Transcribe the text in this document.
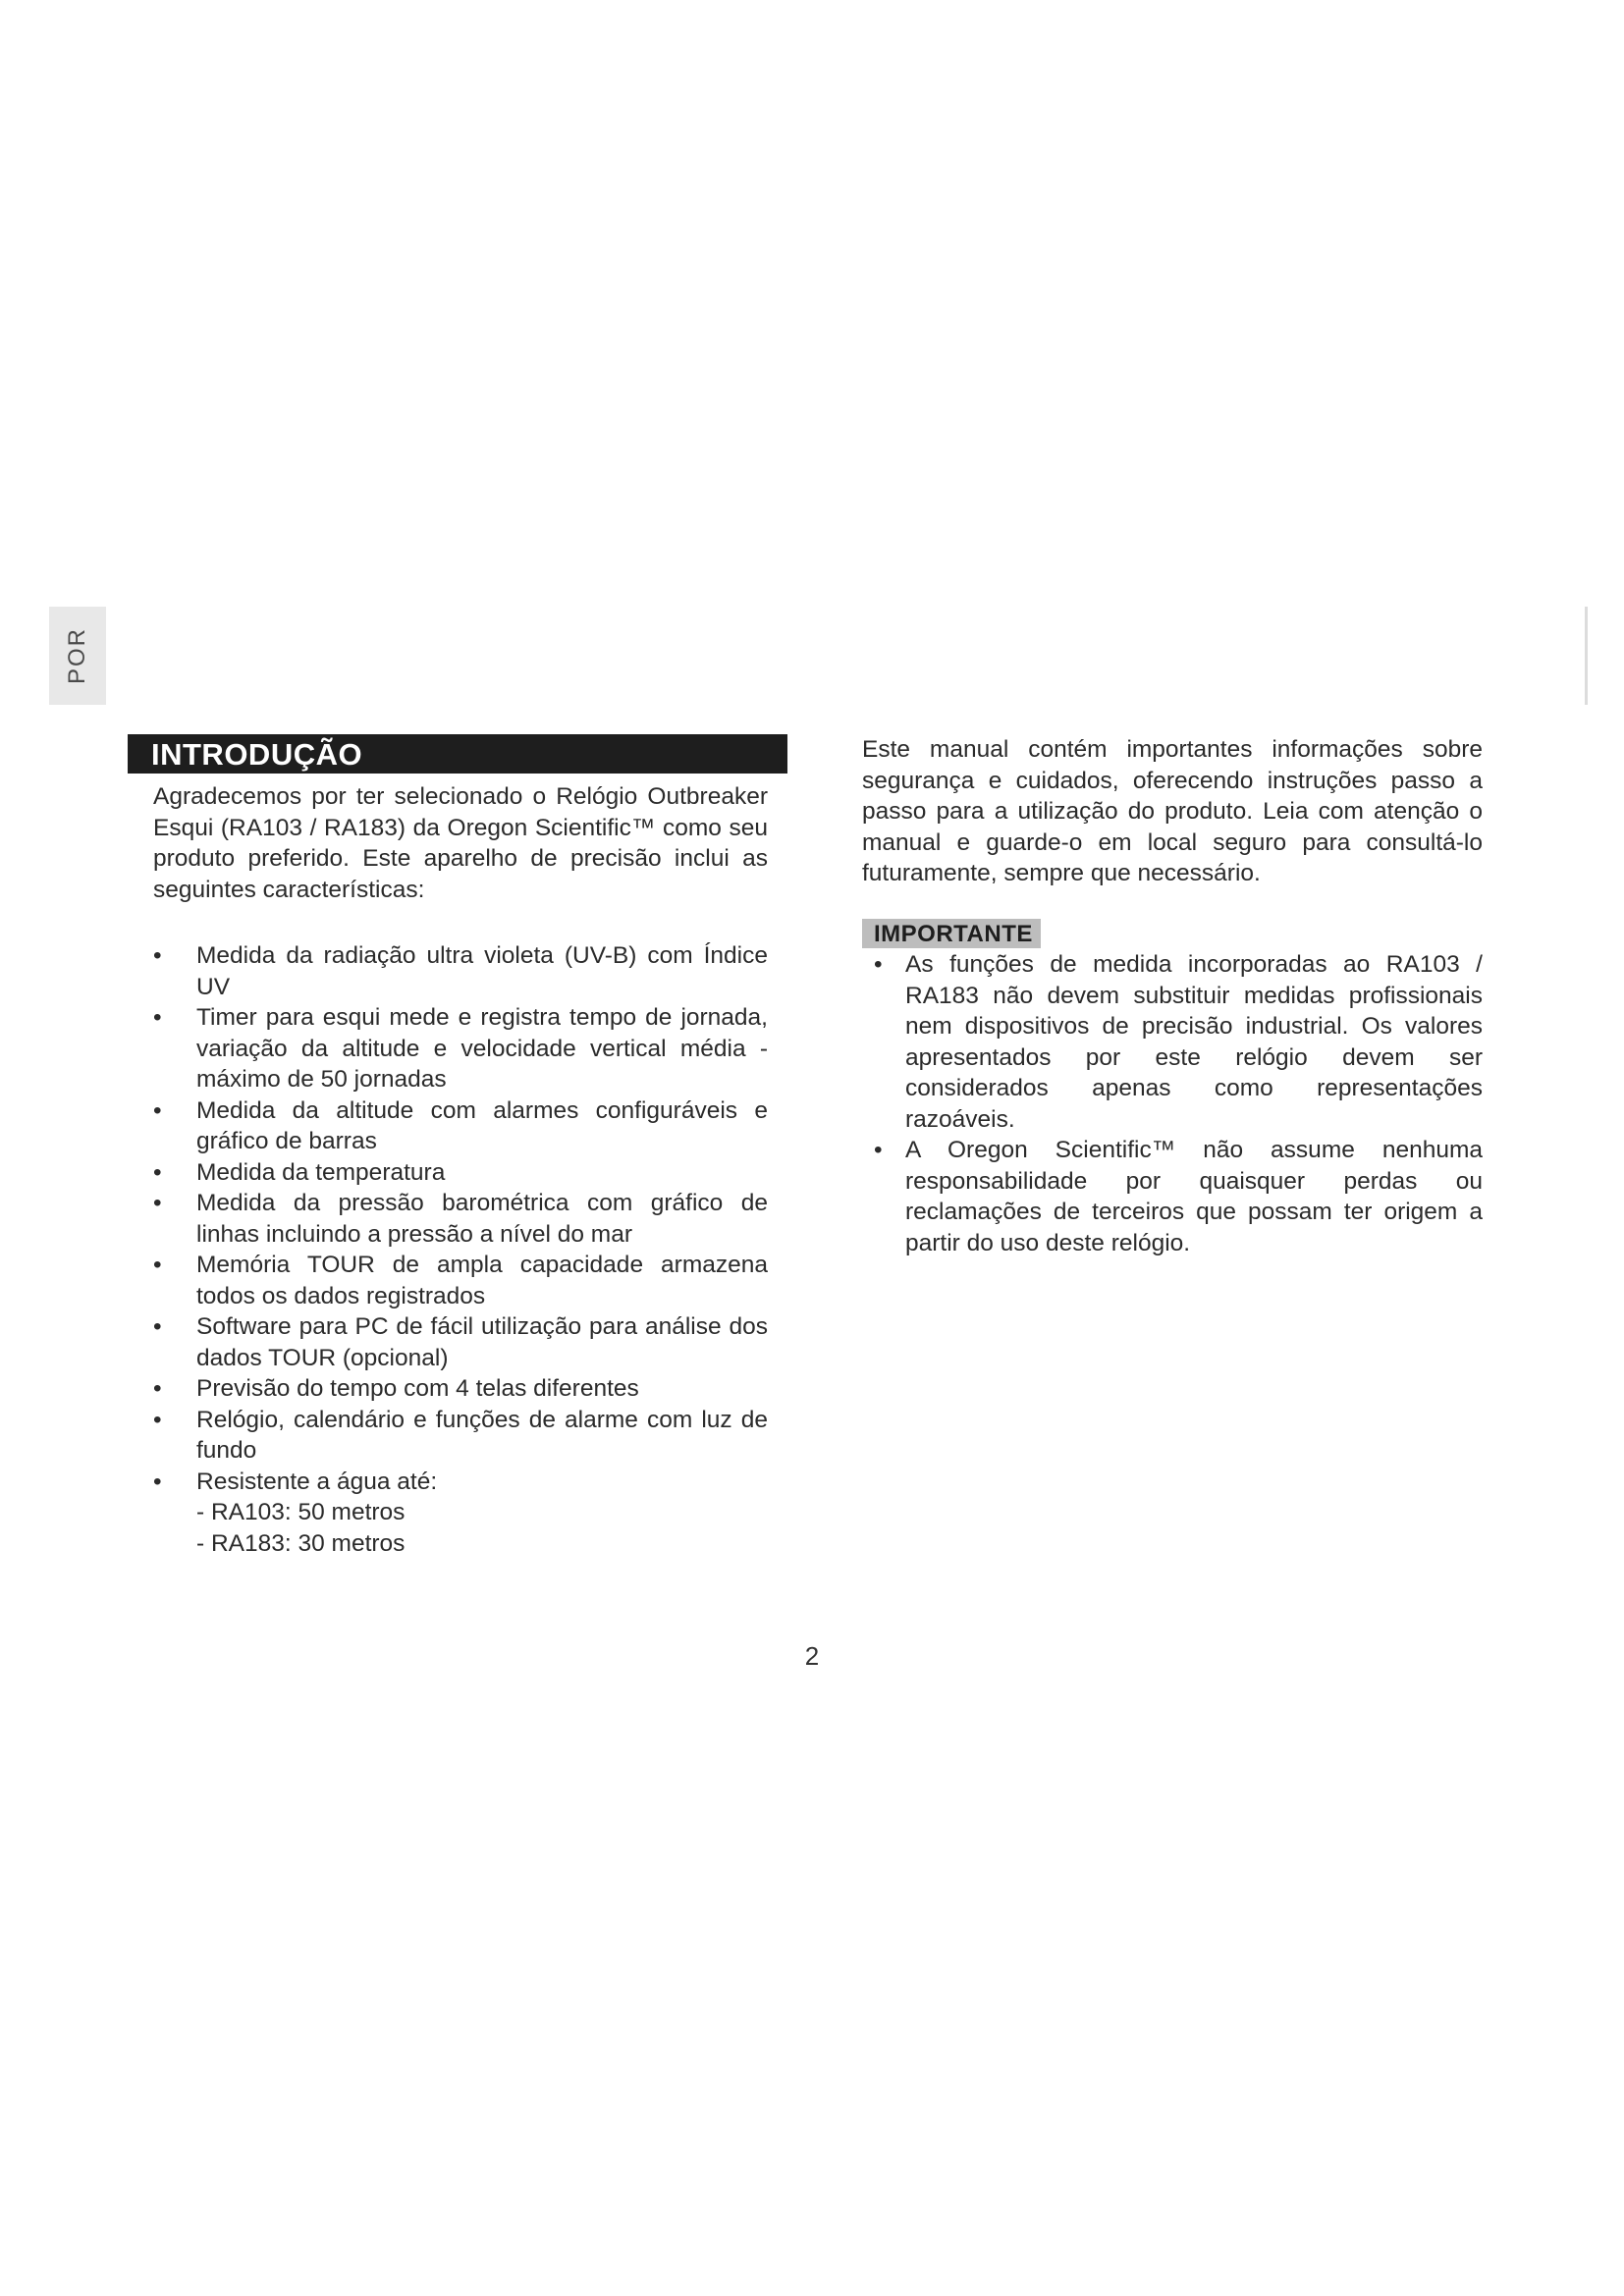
POR
INTRODUÇÃO

Agradecemos por ter selecionado o Relógio Outbreaker Esqui (RA103 / RA183) da Oregon Scientific™ como seu produto preferido. Este aparelho de precisão inclui as seguintes características:

• Medida da radiação ultra violeta (UV-B) com Índice UV
• Timer para esqui mede e registra tempo de jornada, variação da altitude e velocidade vertical média - máximo de 50 jornadas
• Medida da altitude com alarmes configuráveis e gráfico de barras
• Medida da temperatura
• Medida da pressão barométrica com gráfico de linhas incluindo a pressão a nível do mar
• Memória TOUR de ampla capacidade armazena todos os dados registrados
• Software para PC de fácil utilização para análise dos dados TOUR (opcional)
• Previsão do tempo com 4 telas diferentes
• Relógio, calendário e funções de alarme com luz de fundo
• Resistente a água até:
- RA103: 50 metros
- RA183: 30 metros

Este manual contém importantes informações sobre segurança e cuidados, oferecendo instruções passo a passo para a utilização do produto. Leia com atenção o manual e guarde-o em local seguro para consultá-lo futuramente, sempre que necessário.

IMPORTANTE
• As funções de medida incorporadas ao RA103 / RA183 não devem substituir medidas profissionais nem dispositivos de precisão industrial. Os valores apresentados por este relógio devem ser considerados apenas como representações razoáveis.
• A Oregon Scientific™ não assume nenhuma responsabilidade por quaisquer perdas ou reclamações de terceiros que possam ter origem a partir do uso deste relógio.
2
